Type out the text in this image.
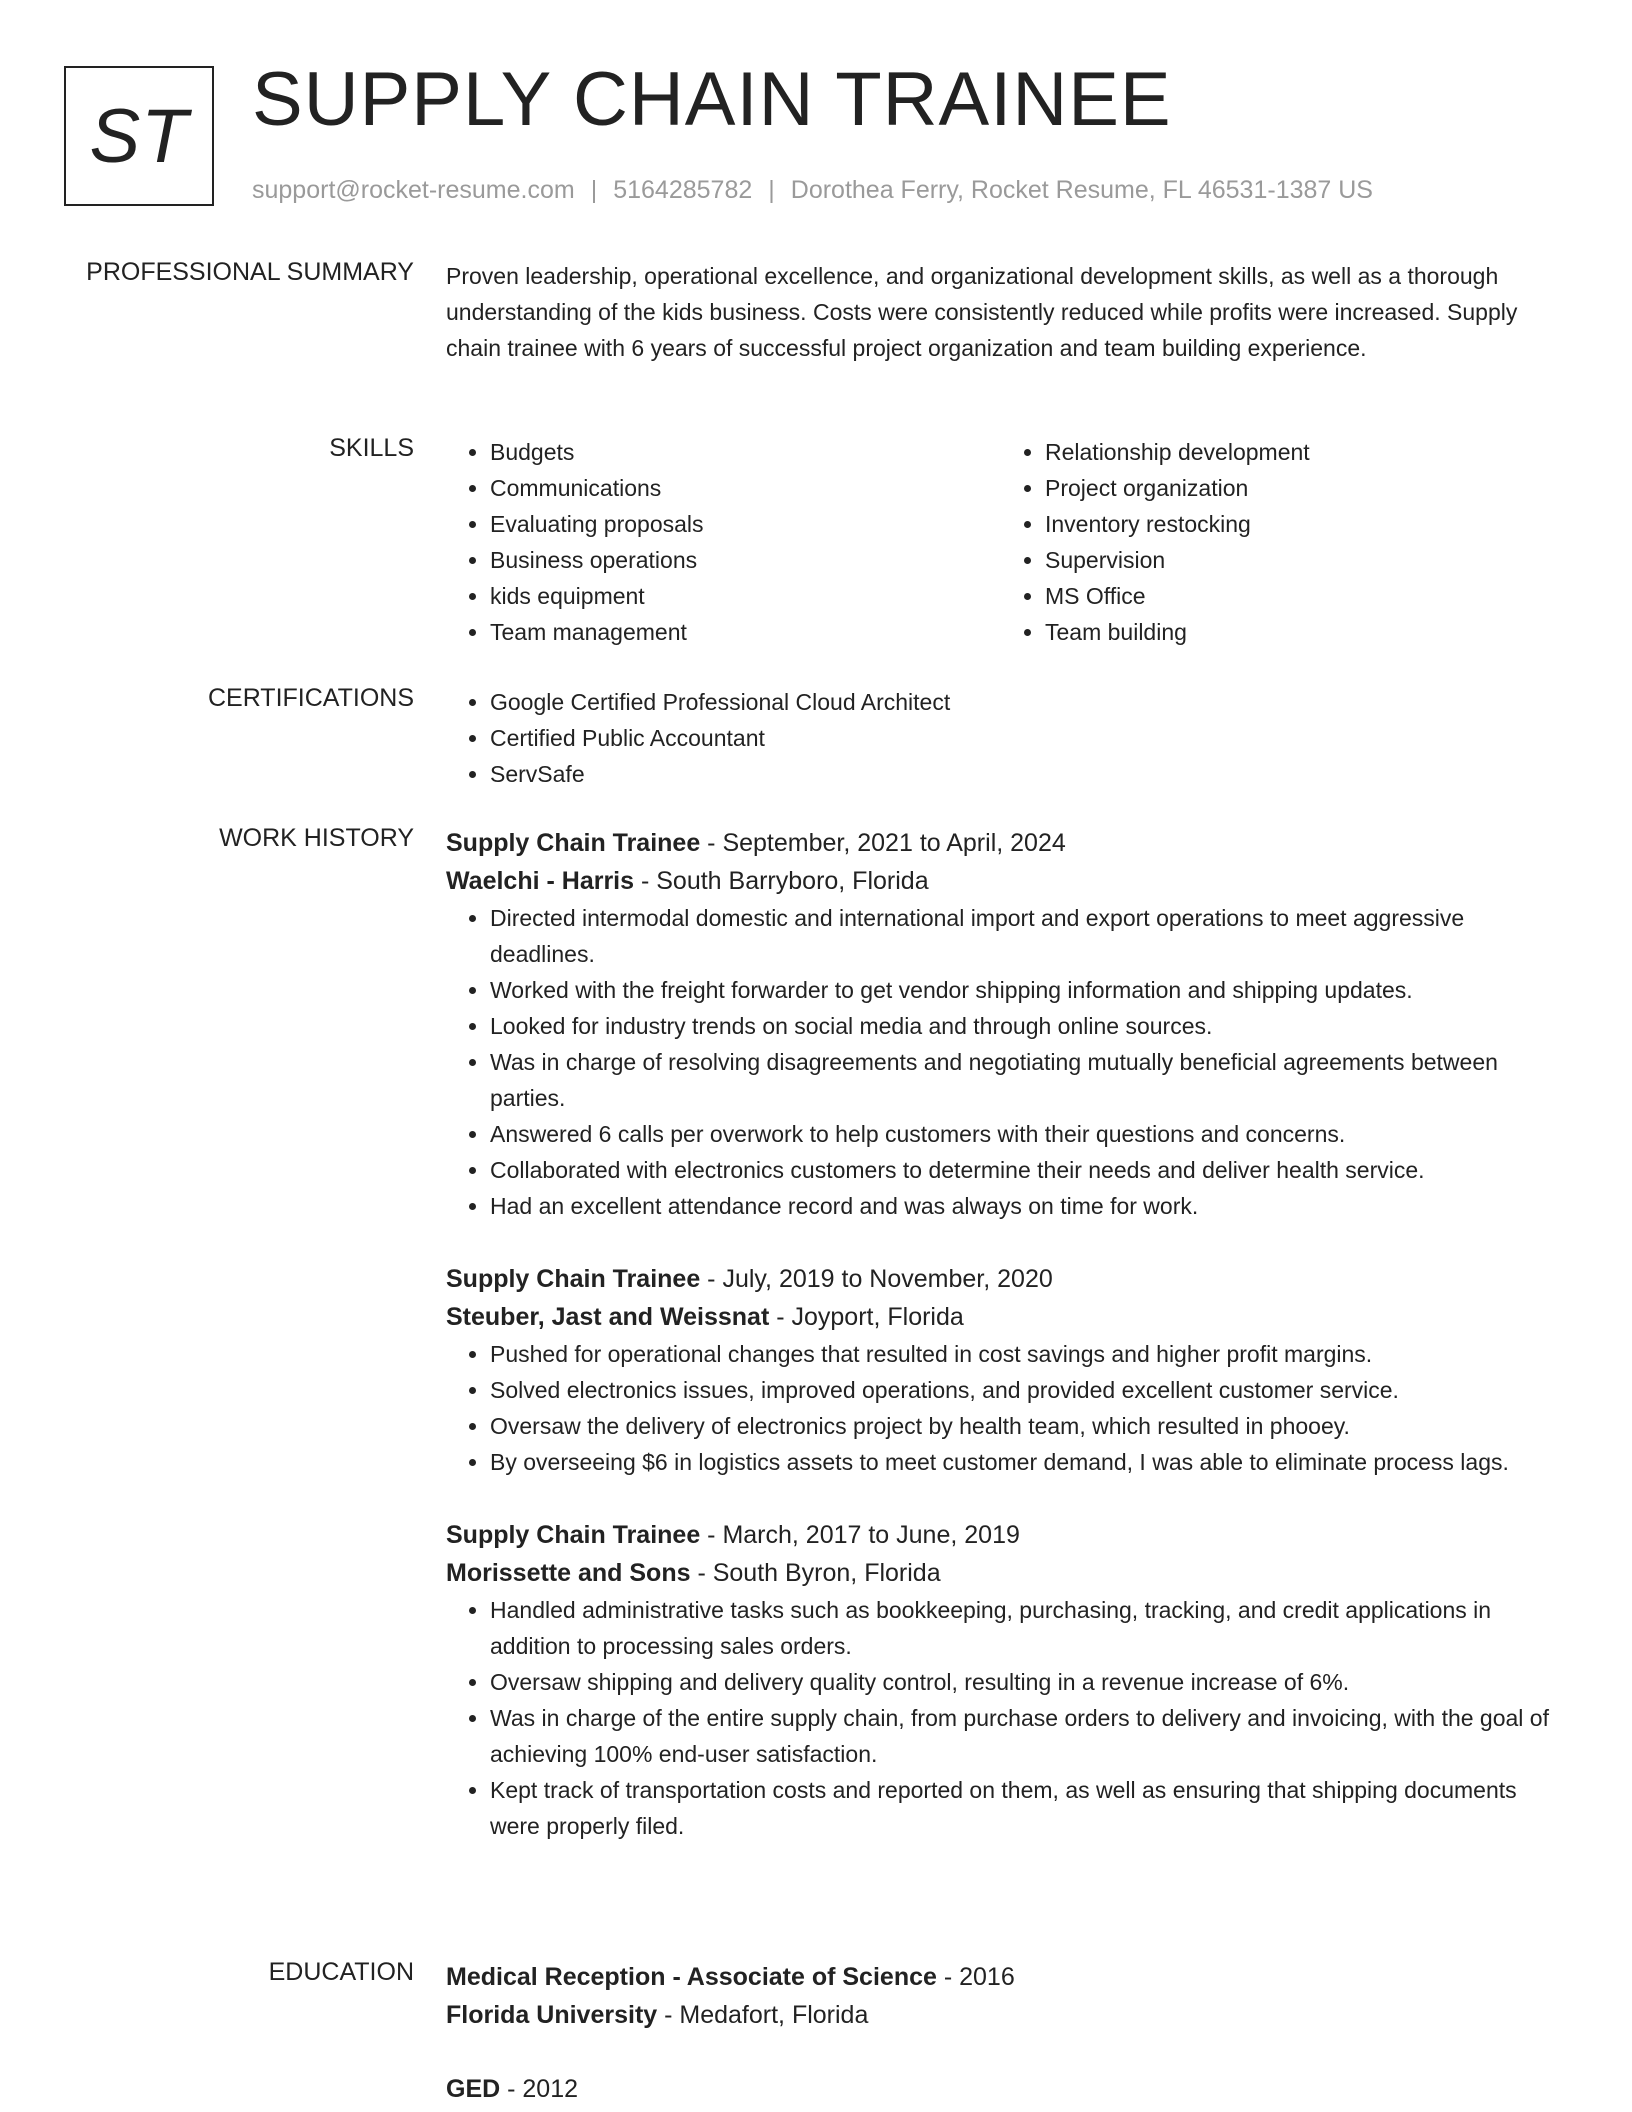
ST SUPPLY CHAIN TRAINEE
support@rocket-resume.com | 5164285782 | Dorothea Ferry, Rocket Resume, FL 46531-1387 US
PROFESSIONAL SUMMARY Proven leadership, operational excellence, and organizational development skills, as well as a thorough understanding of the kids business. Costs were consistently reduced while profits were increased. Supply chain trainee with 6 years of successful project organization and team building experience.
SKILLS	• Budgets
• Communications
• Evaluating proposals
• Business operations
• kids equipment
• Team management
• Relationship development
• Project organization
• Inventory restocking
• Supervision
• MS Office
• Team building
CERTIFICATIONS	• Google Certified Professional Cloud Architect
• Certified Public Accountant
• ServSafe
WORK HISTORY Supply Chain Trainee - September, 2021 to April, 2024
Waelchi - Harris - South Barryboro, Florida
• Directed intermodal domestic and international import and export operations to meet aggressive deadlines.
• Worked with the freight forwarder to get vendor shipping information and shipping updates.
• Looked for industry trends on social media and through online sources.
• Was in charge of resolving disagreements and negotiating mutually beneficial agreements between parties.
• Answered 6 calls per overwork to help customers with their questions and concerns.
• Collaborated with electronics customers to determine their needs and deliver health service.
• Had an excellent attendance record and was always on time for work.
Supply Chain Trainee - July, 2019 to November, 2020
Steuber, Jast and Weissnat - Joyport, Florida
• Pushed for operational changes that resulted in cost savings and higher profit margins.
• Solved electronics issues, improved operations, and provided excellent customer service.
• Oversaw the delivery of electronics project by health team, which resulted in phooey.
• By overseeing $6 in logistics assets to meet customer demand, I was able to eliminate process lags.
Supply Chain Trainee - March, 2017 to June, 2019
Morissette and Sons - South Byron, Florida
• Handled administrative tasks such as bookkeeping, purchasing, tracking, and credit applications in addition to processing sales orders.
• Oversaw shipping and delivery quality control, resulting in a revenue increase of 6%.
• Was in charge of the entire supply chain, from purchase orders to delivery and invoicing, with the goal of achieving 100% end-user satisfaction.
• Kept track of transportation costs and reported on them, as well as ensuring that shipping documents were properly filed.
EDUCATION Medical Reception - Associate of Science - 2016
Florida University - Medafort, Florida
GED - 2012
